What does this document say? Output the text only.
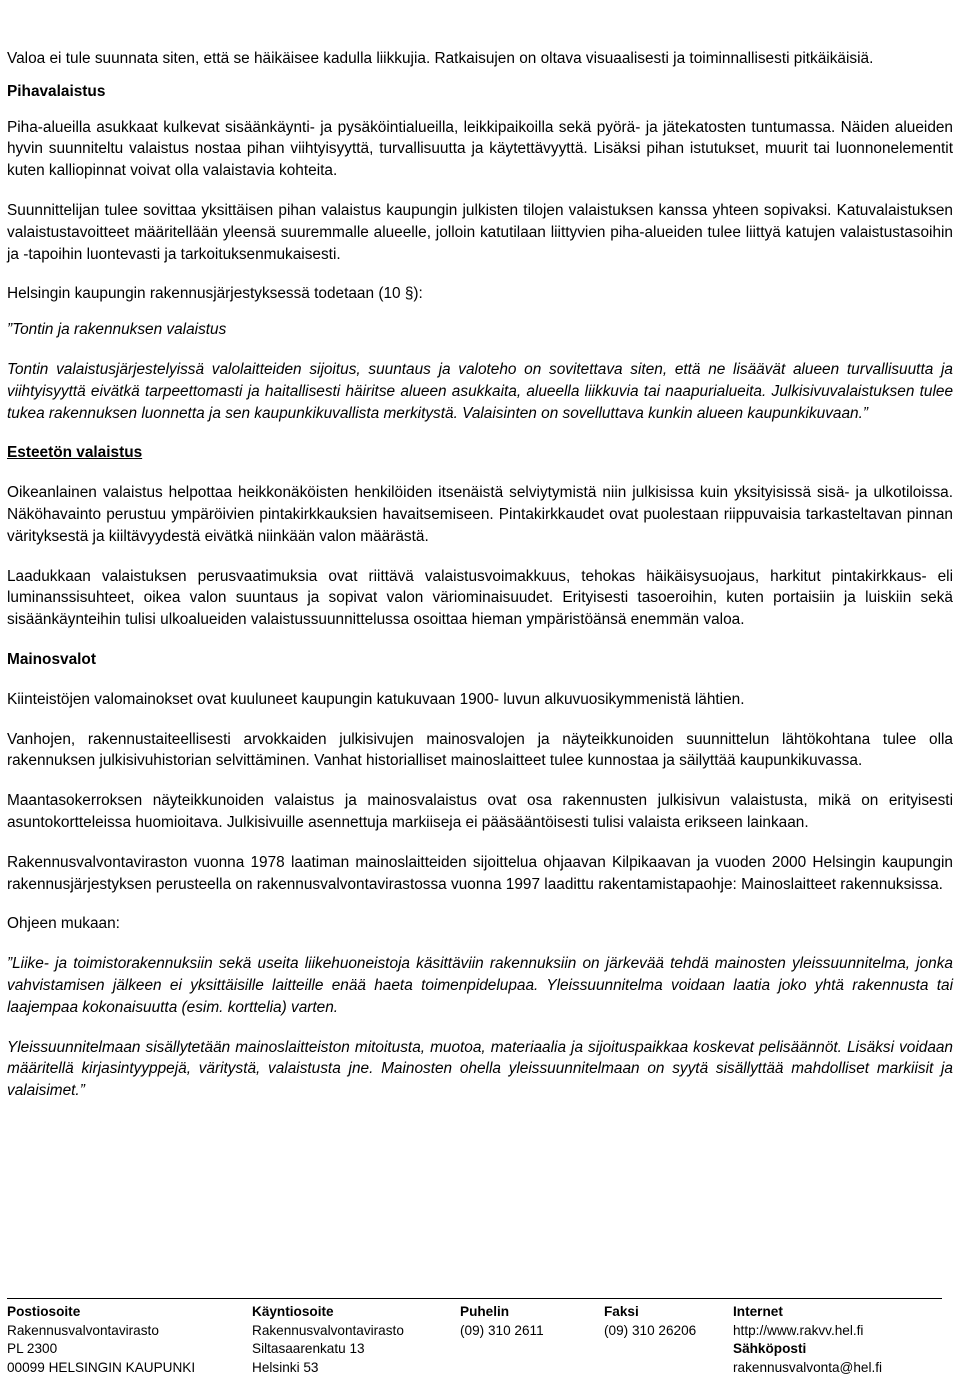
Valoa ei tule suunnata siten, että se häikäisee kadulla liikkujia. Ratkaisujen on oltava visuaalisesti ja toiminnallisesti pitkäikäisiä.

Pihavalaistus

Piha-alueilla asukkaat kulkevat sisäänkäynti- ja pysäköintialueilla, leikkipaikoilla sekä pyörä- ja jätekatosten tuntumassa. Näiden alueiden hyvin suunniteltu valaistus nostaa pihan viihtyisyyttä, turvallisuutta ja käytettävyyttä. Lisäksi pihan istutukset, muurit tai luonnonelementit kuten kalliopinnat voivat olla valaistavia kohteita.

Suunnittelijan tulee sovittaa yksittäisen pihan valaistus kaupungin julkisten tilojen valaistuksen kanssa yhteen sopivaksi. Katuvalaistuksen valaistustavoitteet määritellään yleensä suuremmalle alueelle, jolloin katutilaan liittyvien piha-alueiden tulee liittyä katujen valaistustasoihin ja -tapoihin luontevasti ja tarkoituksenmukaisesti.

Helsingin kaupungin rakennusjärjestyksessä todetaan (10 §):

”Tontin ja rakennuksen valaistus

Tontin valaistusjärjestelyissä valolaitteiden sijoitus, suuntaus ja valoteho on sovitettava siten, että ne lisäävät alueen turvallisuutta ja viihtyisyyttä eivätkä tarpeettomasti ja haitallisesti häiritse alueen asukkaita, alueella liikkuvia tai naapurialueita. Julkisivuvalaistuksen tulee tukea rakennuksen luonnetta ja sen kaupunkikuvallista merkitystä. Valaisinten on sovelluttava kunkin alueen kaupunkikuvaan.”

Esteetön valaistus

Oikeanlainen valaistus helpottaa heikkonäköisten henkilöiden itsenäistä selviytymistä niin julkisissa kuin yksityisissä sisä- ja ulkotiloissa. Näköhavainto perustuu ympäröivien pintakirkkauksien havaitsemiseen. Pintakirkkaudet ovat puolestaan riippuvaisia tarkasteltavan pinnan värityksestä ja kiiltävyydestä eivätkä niinkään valon määrästä.

Laadukkaan valaistuksen perusvaatimuksia ovat riittävä valaistusvoimakkuus, tehokas häikäisysuojaus, harkitut pintakirkkaus- eli luminanssisuhteet, oikea valon suuntaus ja sopivat valon väriominaisuudet. Erityisesti tasoeroihin, kuten portaisiin ja luiskiin sekä sisäänkäynteihin tulisi ulkoalueiden valaistussuunnittelussa osoittaa hieman ympäristöänsä enemmän valoa.

Mainosvalot

Kiinteistöjen valomainokset ovat kuuluneet kaupungin katukuvaan 1900- luvun alkuvuosikymmenistä lähtien.

Vanhojen, rakennustaiteellisesti arvokkaiden julkisivujen mainosvalojen ja näyteikkunoiden suunnittelun lähtökohtana tulee olla rakennuksen julkisivuhistorian selvittäminen. Vanhat historialliset mainoslaitteet tulee kunnostaa ja säilyttää kaupunkikuvassa.

Maantasokerroksen näyteikkunoiden valaistus ja mainosvalaistus ovat osa rakennusten julkisivun valaistusta, mikä on erityisesti asuntokortteleissa huomioitava. Julkisivuille asennettuja markiiseja ei pääsääntöisesti tulisi valaista erikseen lainkaan.

Rakennusvalvontaviraston vuonna 1978 laatiman mainoslaitteiden sijoittelua ohjaavan Kilpikaavan ja vuoden 2000 Helsingin kaupungin rakennusjärjestyksen perusteella on rakennusvalvontavirastossa vuonna 1997 laadittu rakentamistapaohje: Mainoslaitteet rakennuksissa.

Ohjeen mukaan:

”Liike- ja toimistorakennuksiin sekä useita liikehuoneistoja käsittäviin rakennuksiin on järkevää tehdä mainosten yleissuunnitelma, jonka vahvistamisen jälkeen ei yksittäisille laitteille enää haeta toimenpidelupaa. Yleissuunnitelma voidaan laatia joko yhtä rakennusta tai laajempaa kokonaisuutta (esim. korttelia) varten.

Yleissuunnitelmaan sisällytetään mainoslaitteiston mitoitusta, muotoa, materiaalia ja sijoituspaikkaa koskevat pelisäännöt. Lisäksi voidaan määritellä kirjasintyyppejä, väritystä, valaistusta jne. Mainosten ohella yleissuunnitelmaan on syytä sisällyttää mahdolliset markiisit ja valaisimet.”

Postiosoite
Rakennusvalvontavirasto
PL 2300
00099 HELSINGIN KAUPUNKI
Käyntiosoite
Rakennusvalvontavirasto
Siltasaarenkatu 13
Helsinki 53
Puhelin
(09) 310 2611
Faksi
(09) 310 26206
Internet
http://www.rakvv.hel.fi
Sähköposti
rakennusvalvonta@hel.fi
